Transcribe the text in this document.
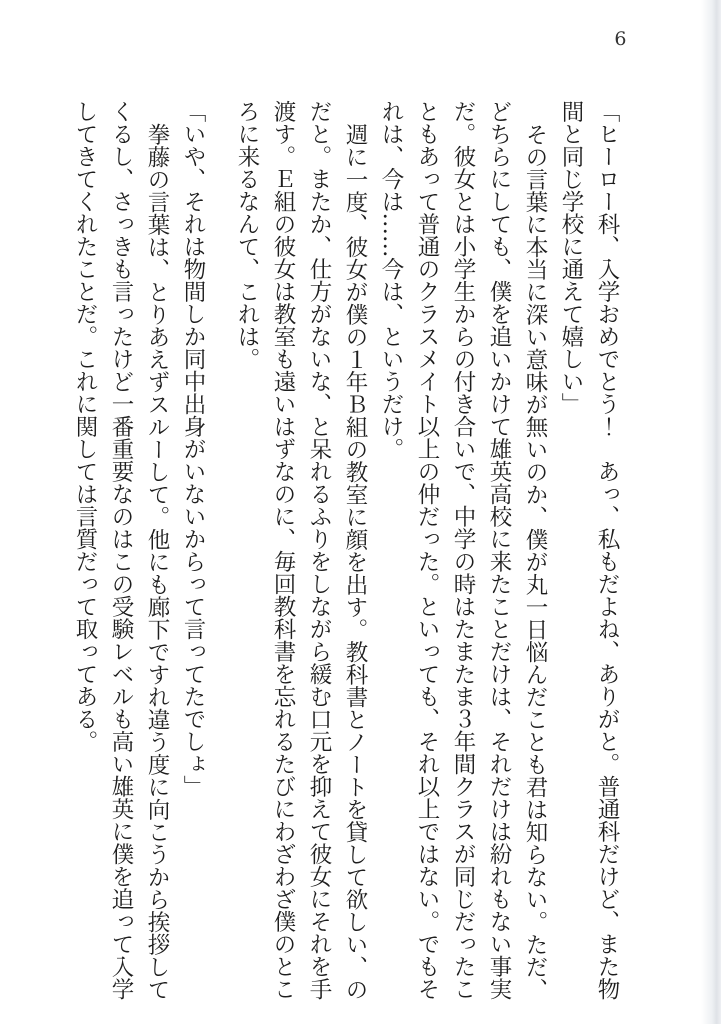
6

「ヒーロー科、入学おめでとう！　あっ、私もだよね、ありがと。普通科だけど、また物間と同じ学校に通えて嬉しい」

その言葉に本当に深い意味が無いのか、僕が丸一日悩んだことも君は知らない。ただ、どちらにしても、僕を追いかけて雄英高校に来たことだけは、それだけは紛れもない事実だ。彼女とは小学生からの付き合いで、中学の時はたまたま３年間クラスが同じだったこともあって普通のクラスメイト以上の仲だった。といっても、それ以上ではない。でもそれは、今は……今は、というだけ。

週に一度、彼女が僕の１年Ｂ組の教室に顔を出す。教科書とノートを貸して欲しい、のだと。またか、仕方がないな、と呆れるふりをしながら緩む口元を抑えて彼女にそれを手渡す。Ｅ組の彼女は教室も遠いはずなのに、毎回教科書を忘れるたびにわざわざ僕のところに来るなんて、これは。

「いや、それは物間しか同中出身がいないからって言ってたでしょ」

拳藤の言葉は、とりあえずスルーして。他にも廊下ですれ違う度に向こうから挨拶してくるし、さっきも言ったけど一番重要なのはこの受験レベルも高い雄英に僕を追って入学してきてくれたことだ。これに関しては言質だって取ってある。
